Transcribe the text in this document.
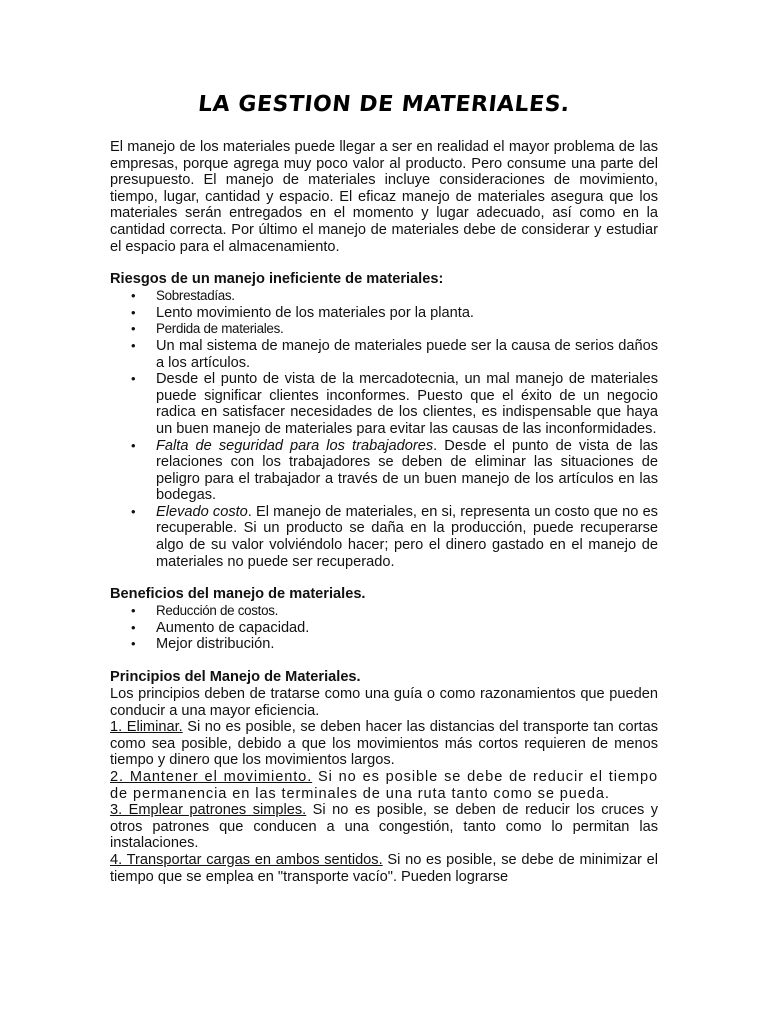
LA GESTION DE MATERIALES.

El manejo de los materiales puede llegar a ser en realidad el mayor problema de las empresas, porque agrega muy poco valor al producto. Pero consume una parte del presupuesto. El manejo de materiales incluye consideraciones de movimiento, tiempo, lugar, cantidad y espacio. El eficaz manejo de materiales asegura que los materiales serán entregados en el momento y lugar adecuado, así como en la cantidad correcta. Por último el manejo de materiales debe de considerar y estudiar el espacio para el almacenamiento.

Riesgos de un manejo ineficiente de materiales:
• Sobrestadías.
• Lento movimiento de los materiales por la planta.
• Perdida de materiales.
• Un mal sistema de manejo de materiales puede ser la causa de serios daños a los artículos.
• Desde el punto de vista de la mercadotecnia, un mal manejo de materiales puede significar clientes inconformes. Puesto que el éxito de un negocio radica en satisfacer necesidades de los clientes, es indispensable que haya un buen manejo de materiales para evitar las causas de las inconformidades.
• Falta de seguridad para los trabajadores. Desde el punto de vista de las relaciones con los trabajadores se deben de eliminar las situaciones de peligro para el trabajador a través de un buen manejo de los artículos en las bodegas.
• Elevado costo. El manejo de materiales, en si, representa un costo que no es recuperable. Si un producto se daña en la producción, puede recuperarse algo de su valor volviéndolo hacer; pero el dinero gastado en el manejo de materiales no puede ser recuperado.
Beneficios del manejo de materiales.
• Reducción de costos.
• Aumento de capacidad.
• Mejor distribución.
Principios del Manejo de Materiales.

Los principios deben de tratarse como una guía o como razonamientos que pueden conducir a una mayor eficiencia.

1. Eliminar. Si no es posible, se deben hacer las distancias del transporte tan cortas como sea posible, debido a que los movimientos más cortos requieren de menos tiempo y dinero que los movimientos largos.

2. Mantener el movimiento. Si no es posible se debe de reducir el tiempo de permanencia en las terminales de una ruta tanto como se pueda.

3. Emplear patrones simples. Si no es posible, se deben de reducir los cruces y otros patrones que conducen a una congestión, tanto como lo permitan las instalaciones.

4. Transportar cargas en ambos sentidos. Si no es posible, se debe de minimizar el tiempo que se emplea en "transporte vacío". Pueden lograrse
